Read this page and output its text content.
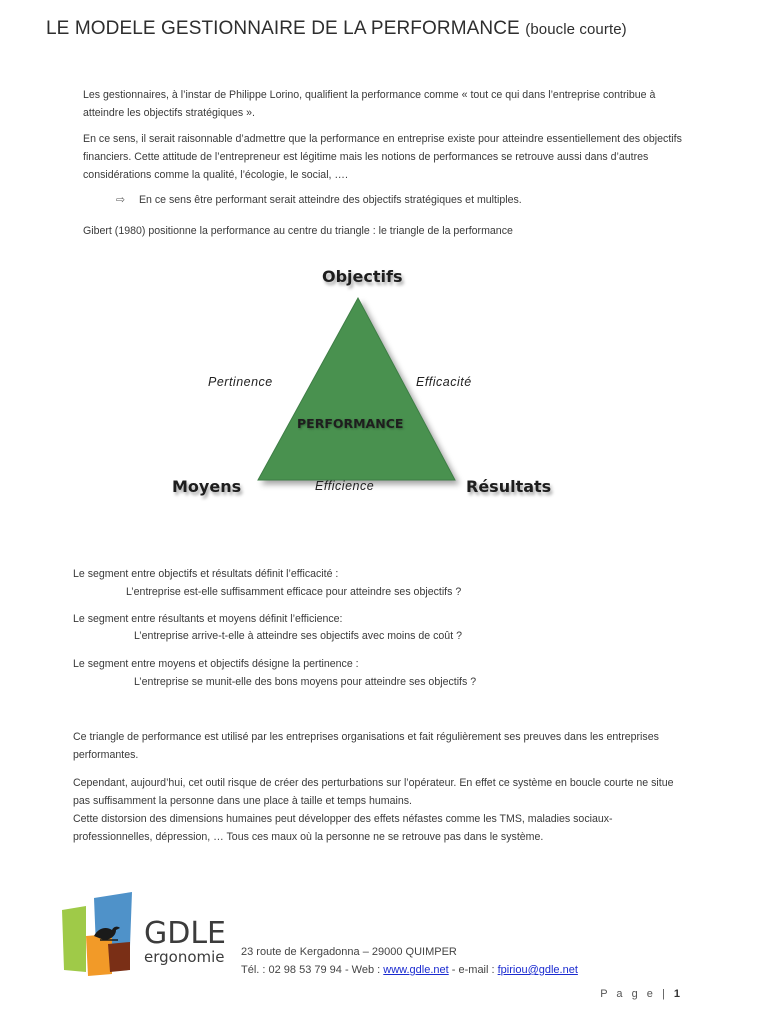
LE MODELE GESTIONNAIRE DE LA PERFORMANCE (boucle courte)
Les gestionnaires, à l’instar de Philippe Lorino, qualifient la performance comme « tout ce qui dans l’entreprise contribue à atteindre les objectifs stratégiques ».
En ce sens, il serait raisonnable d’admettre que la performance en entreprise existe pour atteindre essentiellement des objectifs financiers. Cette attitude de l’entrepreneur est légitime mais les notions de performances se retrouve aussi dans d’autres considérations comme la qualité, l’écologie, le social, ….
⇨ En ce sens être performant serait atteindre des objectifs stratégiques et multiples.
Gibert (1980) positionne la performance au centre du triangle : le triangle de la performance
Objectifs
Moyens	Résultats
PERFORMANCE
Pertinence	Efficacité
Efficience
Le segment entre objectifs et résultats définit l’efficacité :
L’entreprise est-elle suffisamment efficace pour atteindre ses objectifs ?
Le segment entre résultants et moyens définit l’efficience:
L’entreprise arrive-t-elle à atteindre ses objectifs avec moins de coût ?
Le segment entre moyens et objectifs désigne la pertinence :
L’entreprise se munit-elle des bons moyens pour atteindre ses objectifs ?
Ce triangle de performance est utilisé par les entreprises organisations et fait régulièrement ses preuves dans les entreprises performantes.
Cependant, aujourd’hui, cet outil risque de créer des perturbations sur l’opérateur. En effet ce système en boucle courte ne situe pas suffisamment la personne dans une place à taille et temps humains.
Cette distorsion des dimensions humaines peut développer des effets néfastes comme les TMS, maladies sociaux-professionnelles, dépression, … Tous ces maux où la personne ne se retrouve pas dans le système.
GDLE
ergonomie 23 route de Kergadonna – 29000 QUIMPER
Tél. : 02 98 53 79 94 - Web : www.gdle.net - e-mail : fpiriou@gdle.net
P a g e | 1
